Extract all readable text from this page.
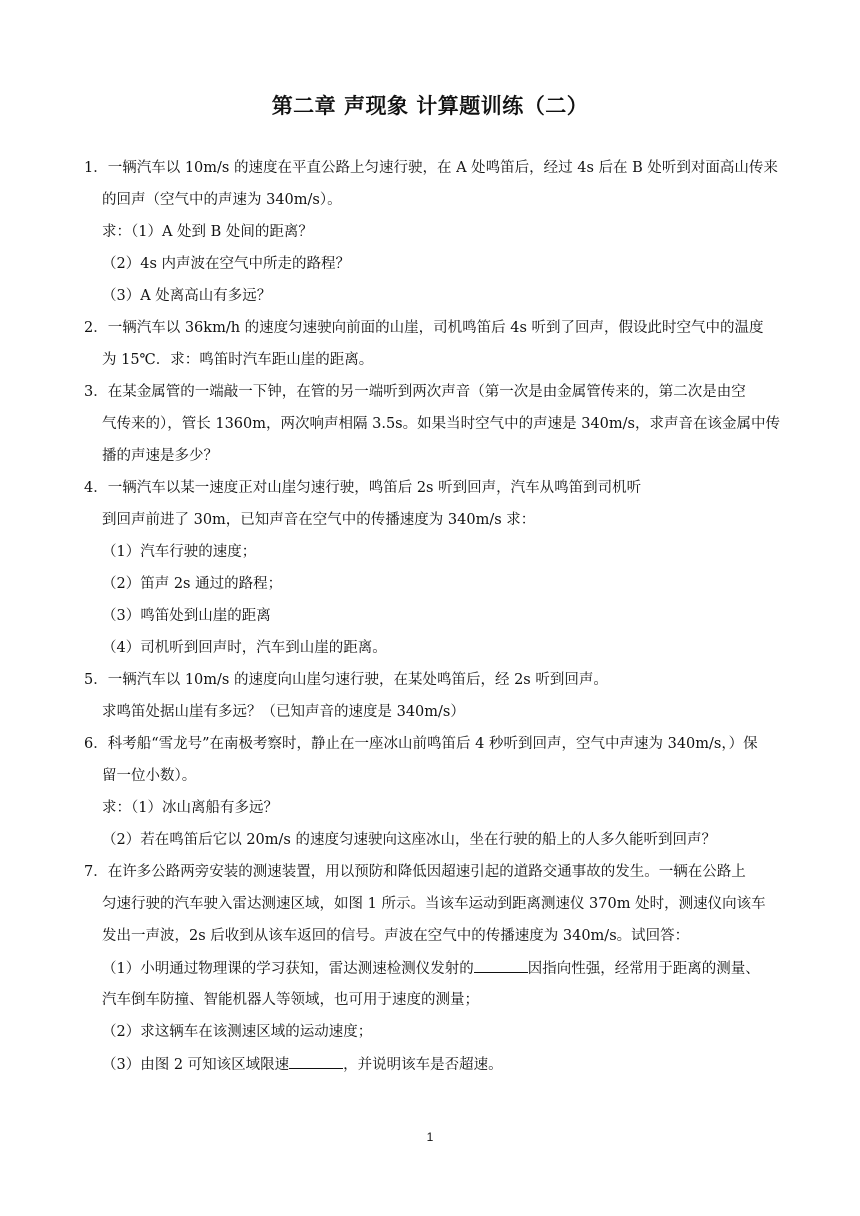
第二章 声现象 计算题训练（二）
1．一辆汽车以 10m/s 的速度在平直公路上匀速行驶，在 A 处鸣笛后，经过 4s 后在 B 处听到对面高山传来
的回声（空气中的声速为 340m/s）。
求：（1）A 处到 B 处间的距离？
（2）4s 内声波在空气中所走的路程？
（3）A 处离高山有多远？
2．一辆汽车以 36km/h 的速度匀速驶向前面的山崖，司机鸣笛后 4s 听到了回声，假设此时空气中的温度
为 15℃．求：鸣笛时汽车距山崖的距离。
3．在某金属管的一端敲一下钟，在管的另一端听到两次声音（第一次是由金属管传来的，第二次是由空
气传来的），管长 1360m，两次响声相隔 3.5s。如果当时空气中的声速是 340m/s，求声音在该金属中传
播的声速是多少？
4．一辆汽车以某一速度正对山崖匀速行驶，鸣笛后 2s 听到回声，汽车从鸣笛到司机听
到回声前进了 30m，已知声音在空气中的传播速度为 340m/s 求：
（1）汽车行驶的速度；
（2）笛声 2s 通过的路程；
（3）鸣笛处到山崖的距离
（4）司机听到回声时，汽车到山崖的距离。
5．一辆汽车以 10m/s 的速度向山崖匀速行驶，在某处鸣笛后，经 2s 听到回声。
求鸣笛处据山崖有多远？（已知声音的速度是 340m/s）
6．科考船“雪龙号”在南极考察时，静止在一座冰山前鸣笛后 4 秒听到回声，空气中声速为 340m/s，）保
留一位小数）。
求：（1）冰山离船有多远？
（2）若在鸣笛后它以 20m/s 的速度匀速驶向这座冰山，坐在行驶的船上的人多久能听到回声？
7．在许多公路两旁安装的测速装置，用以预防和降低因超速引起的道路交通事故的发生。一辆在公路上
匀速行驶的汽车驶入雷达测速区域，如图 1 所示。当该车运动到距离测速仪 370m 处时，测速仪向该车
发出一声波，2s 后收到从该车返回的信号。声波在空气中的传播速度为 340m/s。试回答：
（1）小明通过物理课的学习获知，雷达测速检测仪发射的	因指向性强，经常用于距离的测量、
汽车倒车防撞、智能机器人等领域，也可用于速度的测量；
（2）求这辆车在该测速区域的运动速度；
（3）由图 2 可知该区域限速	，并说明该车是否超速。
1
